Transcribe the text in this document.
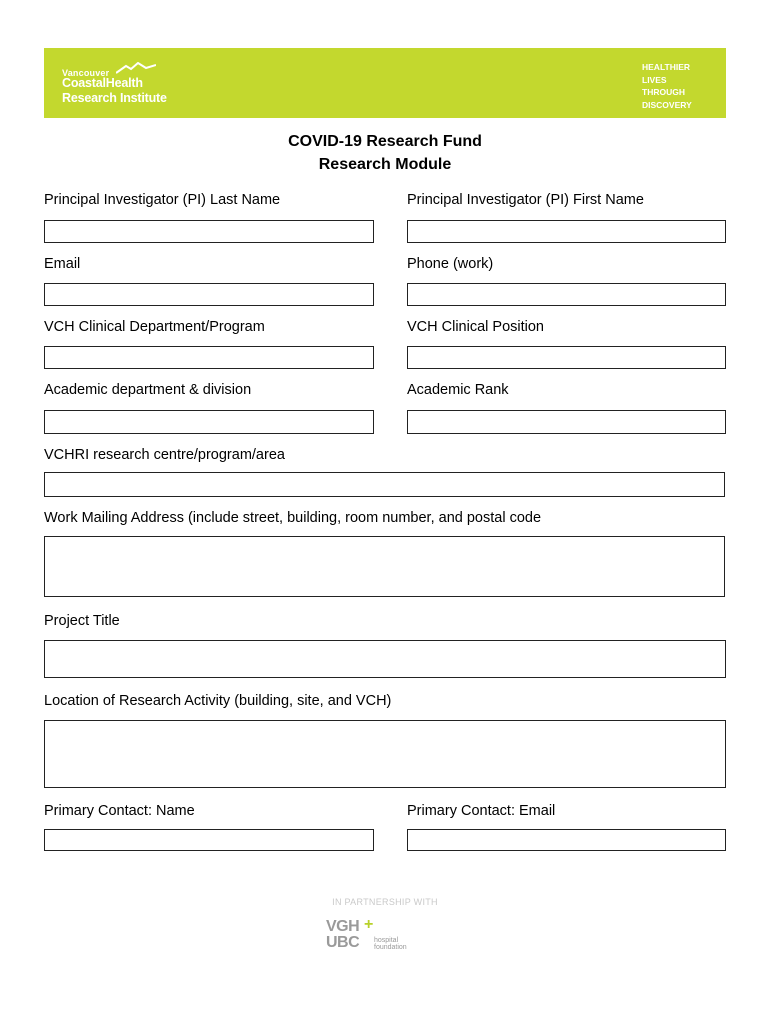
Vancouver
CoastalHealth
Research Institute
HEALTHIER
LIVES
THROUGH
DISCOVERY
COVID-19 Research Fund
Research Module
Principal Investigator (PI) Last Name	Principal Investigator (PI) First Name
Email	Phone (work)
VCH Clinical Department/Program	VCH Clinical Position
Academic department & division	Academic Rank
VCHRI research centre/program/area
Work Mailing Address (include street, building, room number, and postal code
Project Title
Location of Research Activity (building, site, and VCH)
Primary Contact: Name	Primary Contact: Email
IN PARTNERSHIP WITH
VGH +
UBC hospital
foundation
